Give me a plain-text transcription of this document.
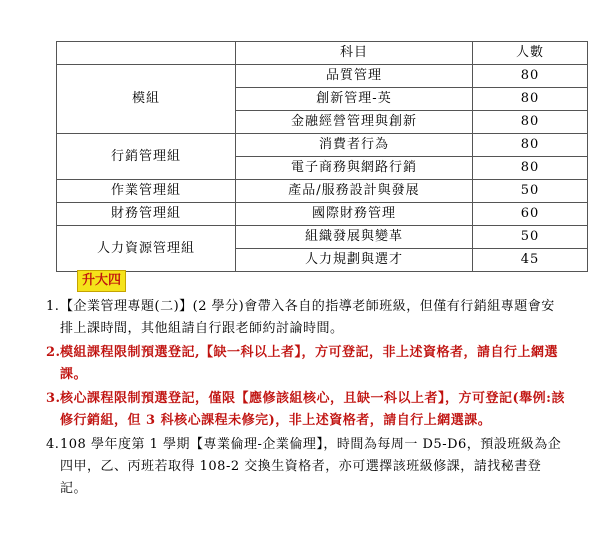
	科目	人數
模組	品質管理	80
	創新管理-英	80
	金融經營管理與創新	80
行銷管理組	消費者行為	80
	電子商務與網路行銷	80
作業管理組	產品/服務設計與發展	50
財務管理組	國際財務管理	60
人力資源管理組	組織發展與變革	50
	人力規劃與選才	45
升大四
1. 【企業管理專題(二)】(2 學分)會帶入各自的指導老師班級，但僅有行銷組專題會安排上課時間，其他組請自行跟老師約討論時間。
2. 模組課程限制預選登記,【缺一科以上者】，方可登記，非上述資格者，請自行上網選課。
3. 核心課程限制預選登記，僅限【應修該組核心，且缺一科以上者】，方可登記(舉例:該修行銷組，但 3 科核心課程未修完)，非上述資格者，請自行上網選課。
4. 108 學年度第 1 學期【專業倫理-企業倫理】，時間為每周一 D5-D6，預設班級為企四甲，乙、丙班若取得 108-2 交換生資格者，亦可選擇該班級修課，請找秘書登記。
